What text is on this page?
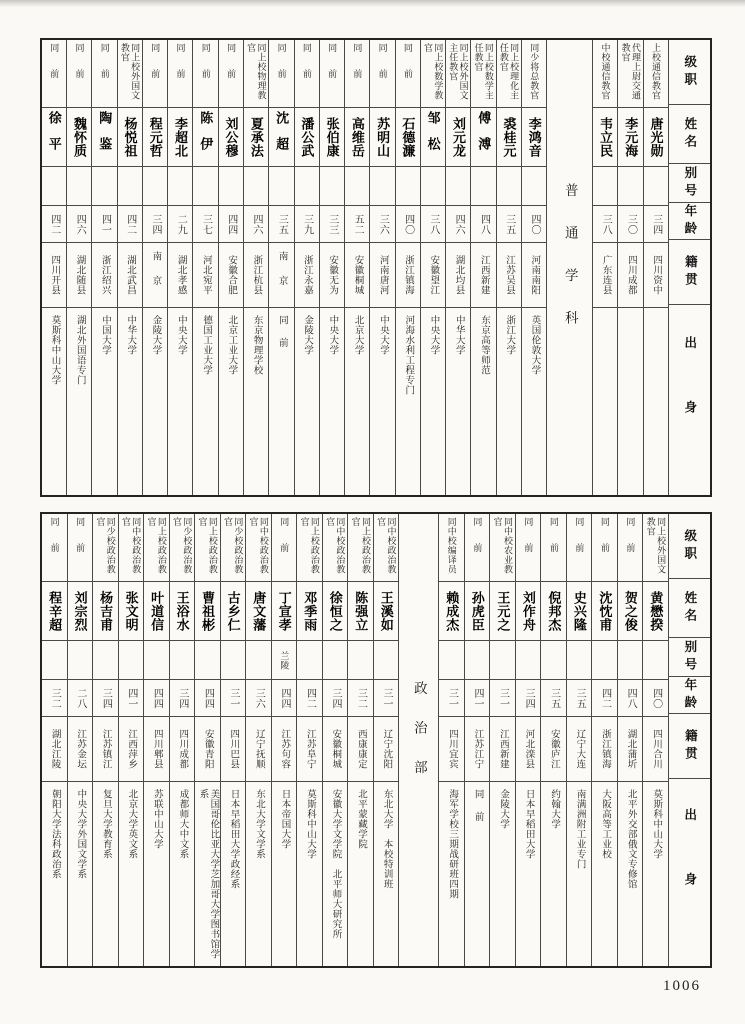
级职
姓名
别号
年龄
籍贯
出身
上校通信教官
唐光勋
三四
四川资中
代理上尉交通教官
李元海
三〇
四川成都
中校通信教官
韦立民
三八
广东连县
普通学科
同少将总教官
李鸿音
四〇
河南南阳
英国伦敦大学
同上校理化主任教官
裘桂元
三五
江苏吴县
浙江大学
同上校数学主任教官
傅溥
四八
江西新建
东京高等师范
同上校外国文主任教官
刘元龙
四六
湖北均县
中华大学
同上校数学教官
邹松
三八
安徽望江
中央大学
同前
石德濂
四〇
浙江镇海
河海水利工程专门
同前
苏明山
三六
河南唐河
中央大学
同前
高维岳
五二
安徽桐城
北京大学
同前
张伯康
三三
安徽无为
中央大学
同前
潘公武
三九
浙江永嘉
金陵大学
同前
沈超
三五
南京
同前
同上校物理教官
夏承法
四六
浙江杭县
东京物理学校
同前
刘公穆
四四
安徽合肥
北京工业大学
同前
陈伊
三七
河北宛平
德国工业大学
同前
李超北
二九
湖北孝感
中央大学
同前
程元哲
三四
南京
金陵大学
同上校外国文教官
杨悦祖
四二
湖北武昌
中华大学
同前
陶鉴
四一
浙江绍兴
中国大学
同前
魏怀质
四六
湖北随县
湖北外国语专门
同前
徐平
四二
四川开县
莫斯科中山大学
级职
姓名
别号
年龄
籍贯
出身
同上校外国文教官
黄懋揆
四〇
四川合川
莫斯科中山大学
同前
贺之俊
四八
湖北蒲圻
北平外交部俄文专修馆
同前
沈忱甫
四二
浙江镇海
大阪高等工业校
同前
史兴隆
三五
辽宁大连
南满洲附工业专门
同前
倪邦杰
三五
安徽庐江
约翰大学
同前
刘作舟
三四
河北滦县
日本早稻田大学
同中校农业教官
王元之
三一
江西新建
金陵大学
同前
孙虎臣
四一
江苏江宁
同前
同中校编译员
赖成杰
三一
四川宜宾
海军学校三期战研班四期
政治部
同中校政治教官
王溪如
三一
辽宁沈阳
东北大学　本校特训班
同上校政治教官
陈强立
三二
西康康定
北平蒙藏学院
同中校政治教官
徐恒之
三四
安徽桐城
安徽大学文学院　北平师大研究所
同上校政治教官
邓季雨
四二
江苏阜宁
莫斯科中山大学
同前
丁宣孝
兰陵
四四
江苏句容
日本帝国大学
同中校政治教官
唐文藩
三六
辽宁抚顺
东北大学文学系
同少校政治教官
古乡仁
三一
四川巴县
日本早稻田大学政经系
同上校政治教官
曹祖彬
四四
安徽青阳
美国哥伦比亚大学芝加哥大学图书馆学系
同少校政治教官
王浴水
三四
四川成都
成都师大中文系
同上校政治教官
叶道信
四四
四川郫县
苏联中山大学
同中校政治教官
张文明
四一
江西萍乡
北京大学英文系
同少校政治教官
杨吉甫
三四
江苏镇江
复旦大学教育系
同前
刘宗烈
二八
江苏金坛
中央大学外国文学系
同前
程辛超
三二
湖北江陵
朝阳大学法科政治系
1006
